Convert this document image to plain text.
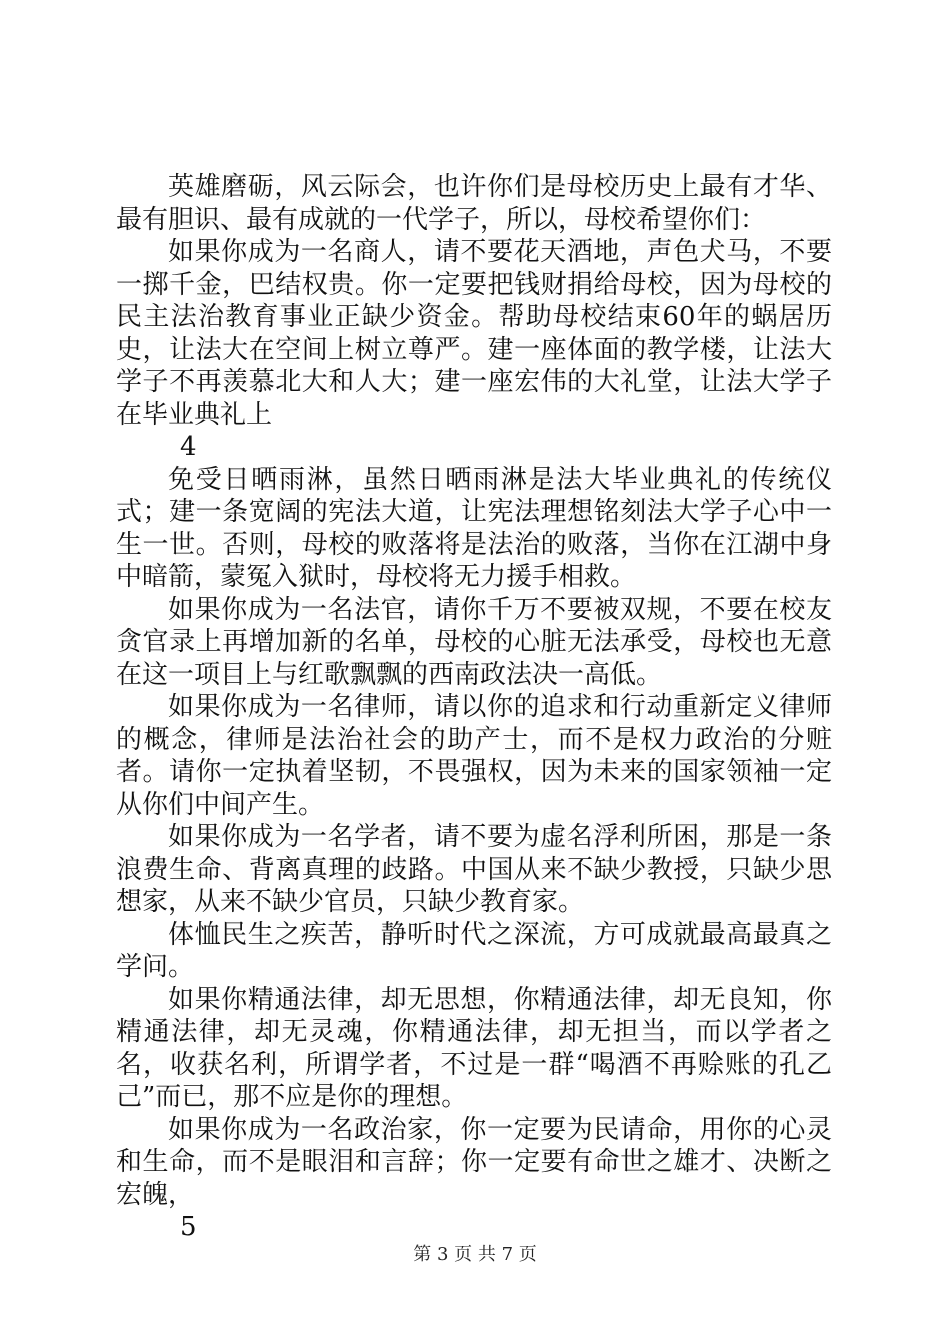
英雄磨砺，风云际会，也许你们是母校历史上最有才华、最有胆识、最有成就的一代学子，所以，母校希望你们：

如果你成为一名商人，请不要花天酒地，声色犬马，不要一掷千金，巴结权贵。你一定要把钱财捐给母校，因为母校的民主法治教育事业正缺少资金。帮助母校结束60年的蜗居历史，让法大在空间上树立尊严。建一座体面的教学楼，让法大学子不再羡慕北大和人大；建一座宏伟的大礼堂，让法大学子在毕业典礼上

4

免受日晒雨淋，虽然日晒雨淋是法大毕业典礼的传统仪式；建一条宽阔的宪法大道，让宪法理想铭刻法大学子心中一生一世。否则，母校的败落将是法治的败落，当你在江湖中身中暗箭，蒙冤入狱时，母校将无力援手相救。

如果你成为一名法官，请你千万不要被双规，不要在校友贪官录上再增加新的名单，母校的心脏无法承受，母校也无意在这一项目上与红歌飘飘的西南政法决一高低。

如果你成为一名律师，请以你的追求和行动重新定义律师的概念，律师是法治社会的助产士，而不是权力政治的分赃者。请你一定执着坚韧，不畏强权，因为未来的国家领袖一定从你们中间产生。

如果你成为一名学者，请不要为虚名浮利所困，那是一条浪费生命、背离真理的歧路。中国从来不缺少教授，只缺少思想家，从来不缺少官员，只缺少教育家。

体恤民生之疾苦，静听时代之深流，方可成就最高最真之学问。

如果你精通法律，却无思想，你精通法律，却无良知，你精通法律，却无灵魂，你精通法律，却无担当，而以学者之名，收获名利，所谓学者，不过是一群“喝酒不再赊账的孔乙己”而已，那不应是你的理想。

如果你成为一名政治家，你一定要为民请命，用你的心灵和生命，而不是眼泪和言辞；你一定要有命世之雄才、决断之宏魄，

5

第 3 页 共 7 页
